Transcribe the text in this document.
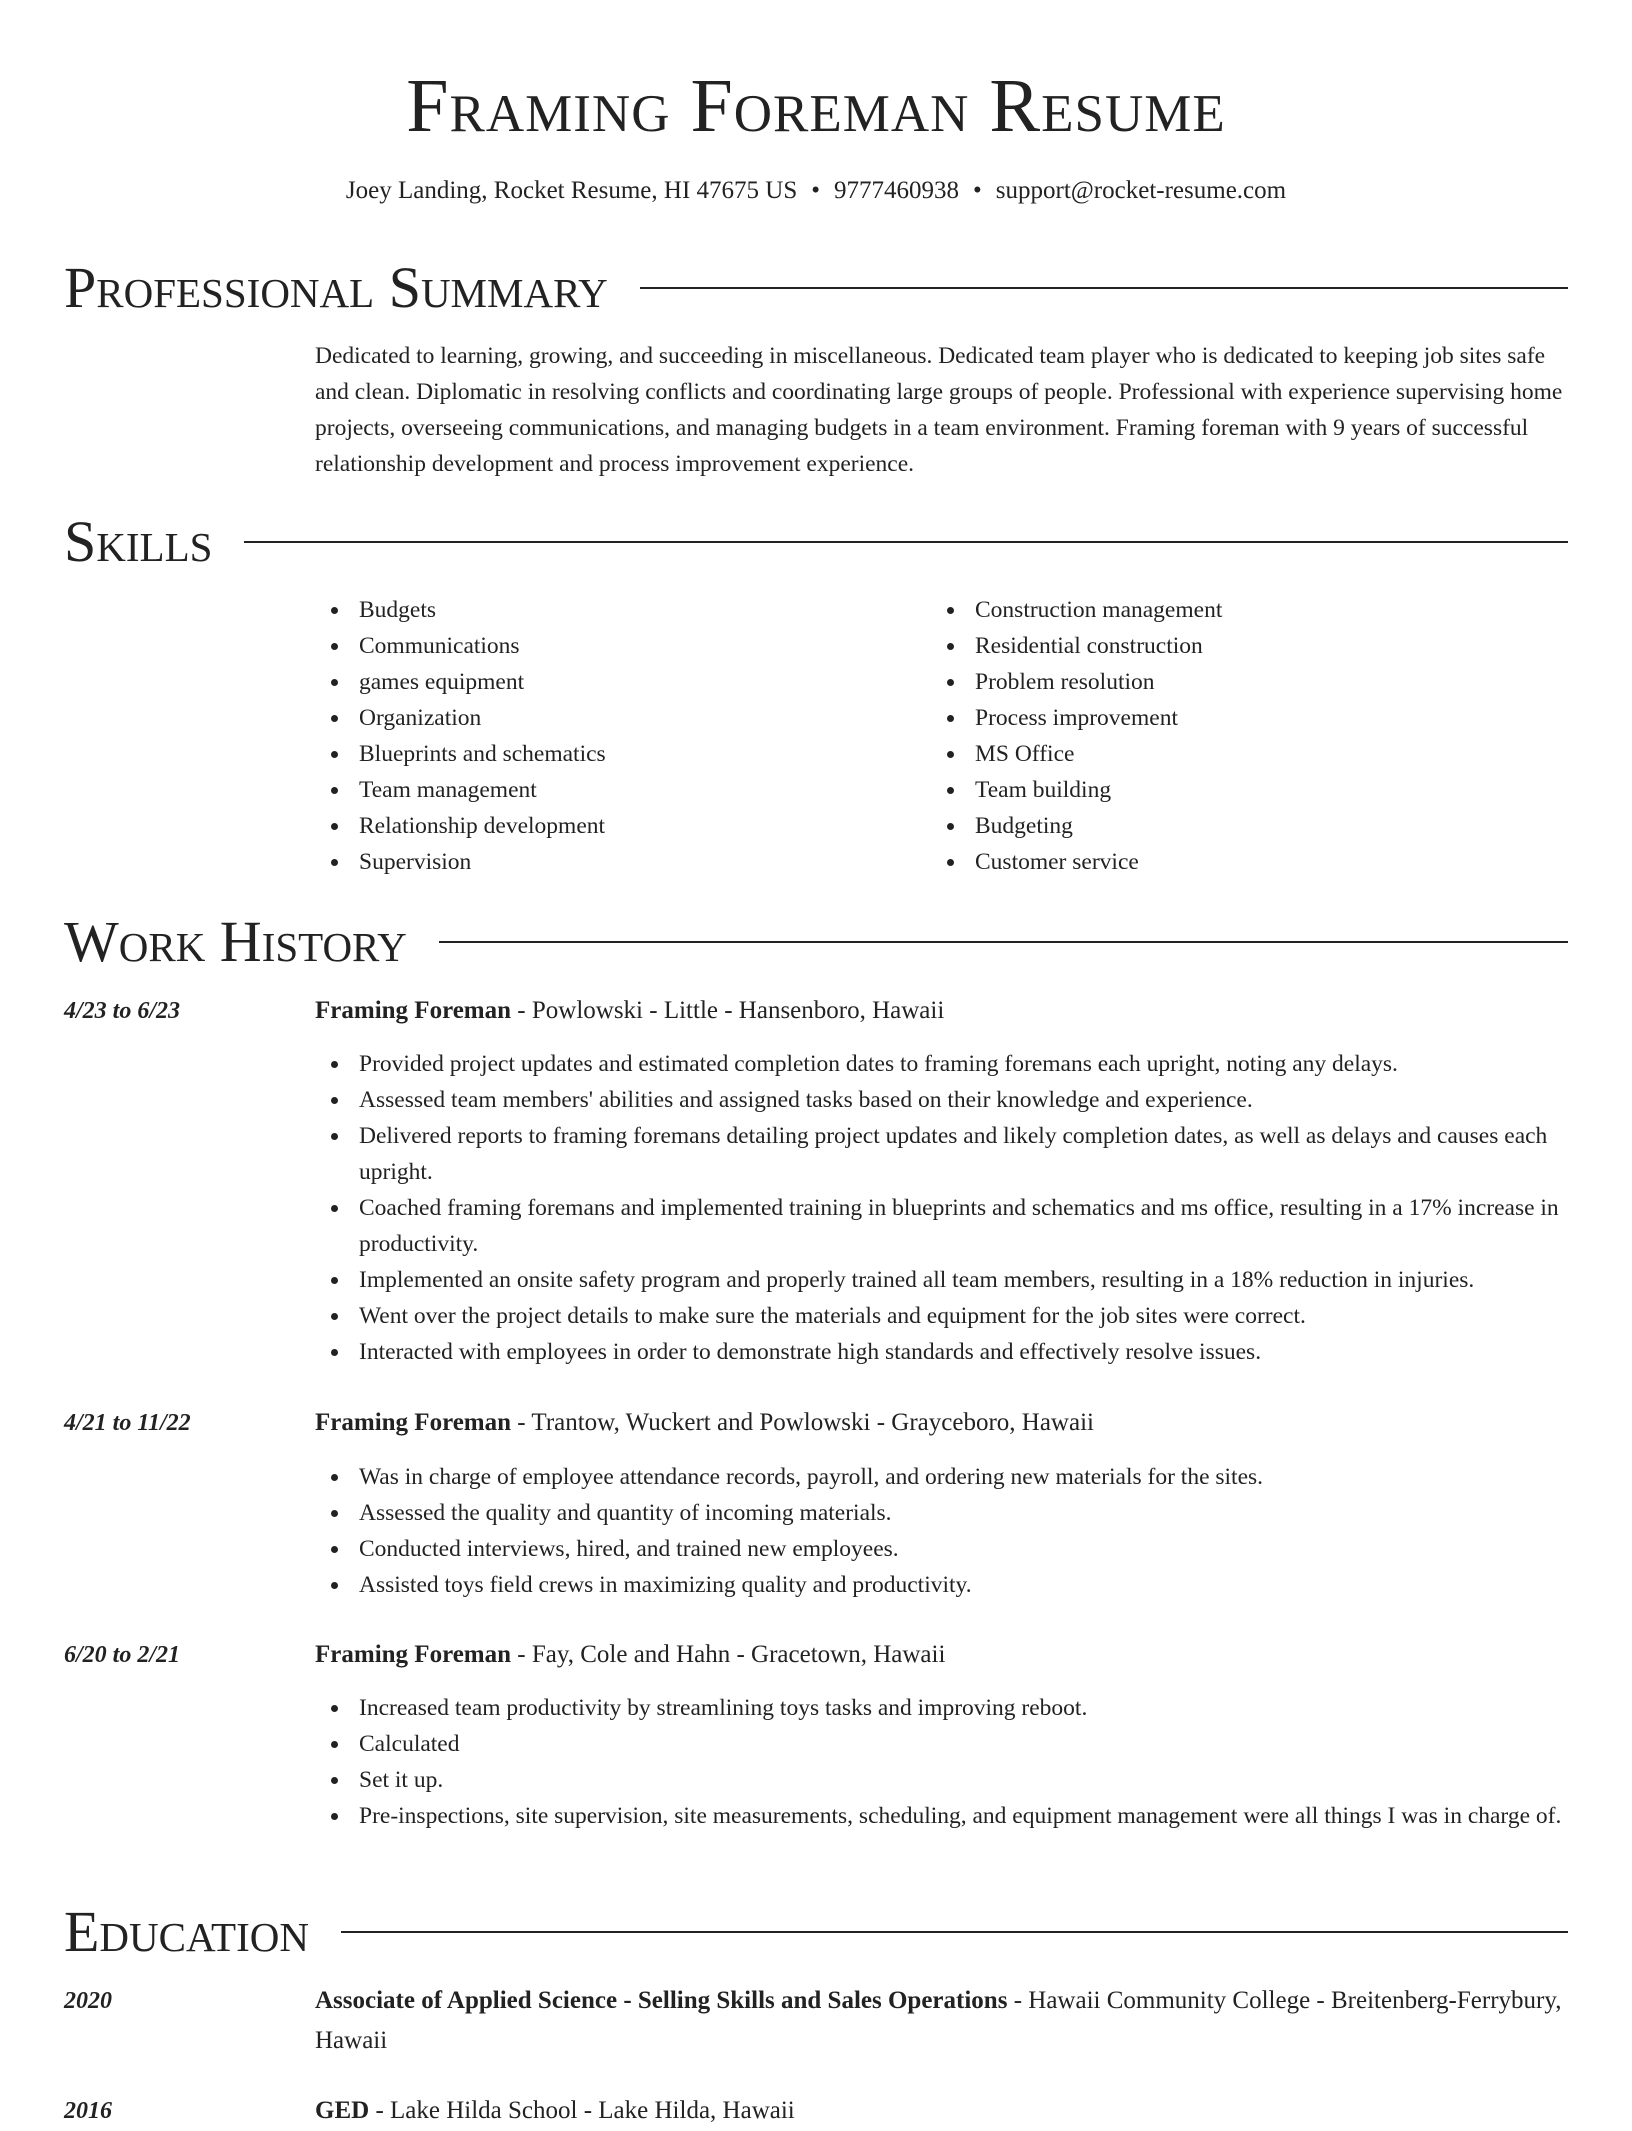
Framing Foreman Resume
Joey Landing, Rocket Resume, HI 47675 US • 9777460938 • support@rocket-resume.com
Professional Summary
Dedicated to learning, growing, and succeeding in miscellaneous. Dedicated team player who is dedicated to keeping job sites safe and clean. Diplomatic in resolving conflicts and coordinating large groups of people. Professional with experience supervising home projects, overseeing communications, and managing budgets in a team environment. Framing foreman with 9 years of successful relationship development and process improvement experience.
Skills
Budgets
Communications
games equipment
Organization
Blueprints and schematics
Team management
Relationship development
Supervision
Construction management
Residential construction
Problem resolution
Process improvement
MS Office
Team building
Budgeting
Customer service
Work History
4/23 to 6/23	Framing Foreman - Powlowski - Little - Hansenboro, Hawaii
Provided project updates and estimated completion dates to framing foremans each upright, noting any delays.
Assessed team members' abilities and assigned tasks based on their knowledge and experience.
Delivered reports to framing foremans detailing project updates and likely completion dates, as well as delays and causes each upright.
Coached framing foremans and implemented training in blueprints and schematics and ms office, resulting in a 17% increase in productivity.
Implemented an onsite safety program and properly trained all team members, resulting in a 18% reduction in injuries.
Went over the project details to make sure the materials and equipment for the job sites were correct.
Interacted with employees in order to demonstrate high standards and effectively resolve issues.
4/21 to 11/22	Framing Foreman - Trantow, Wuckert and Powlowski - Grayceboro, Hawaii
Was in charge of employee attendance records, payroll, and ordering new materials for the sites.
Assessed the quality and quantity of incoming materials.
Conducted interviews, hired, and trained new employees.
Assisted toys field crews in maximizing quality and productivity.
6/20 to 2/21	Framing Foreman - Fay, Cole and Hahn - Gracetown, Hawaii
Increased team productivity by streamlining toys tasks and improving reboot.
Calculated
Set it up.
Pre-inspections, site supervision, site measurements, scheduling, and equipment management were all things I was in charge of.
Education
2020	Associate of Applied Science - Selling Skills and Sales Operations - Hawaii Community College - Breitenberg-Ferrybury, Hawaii
2016	GED - Lake Hilda School - Lake Hilda, Hawaii
